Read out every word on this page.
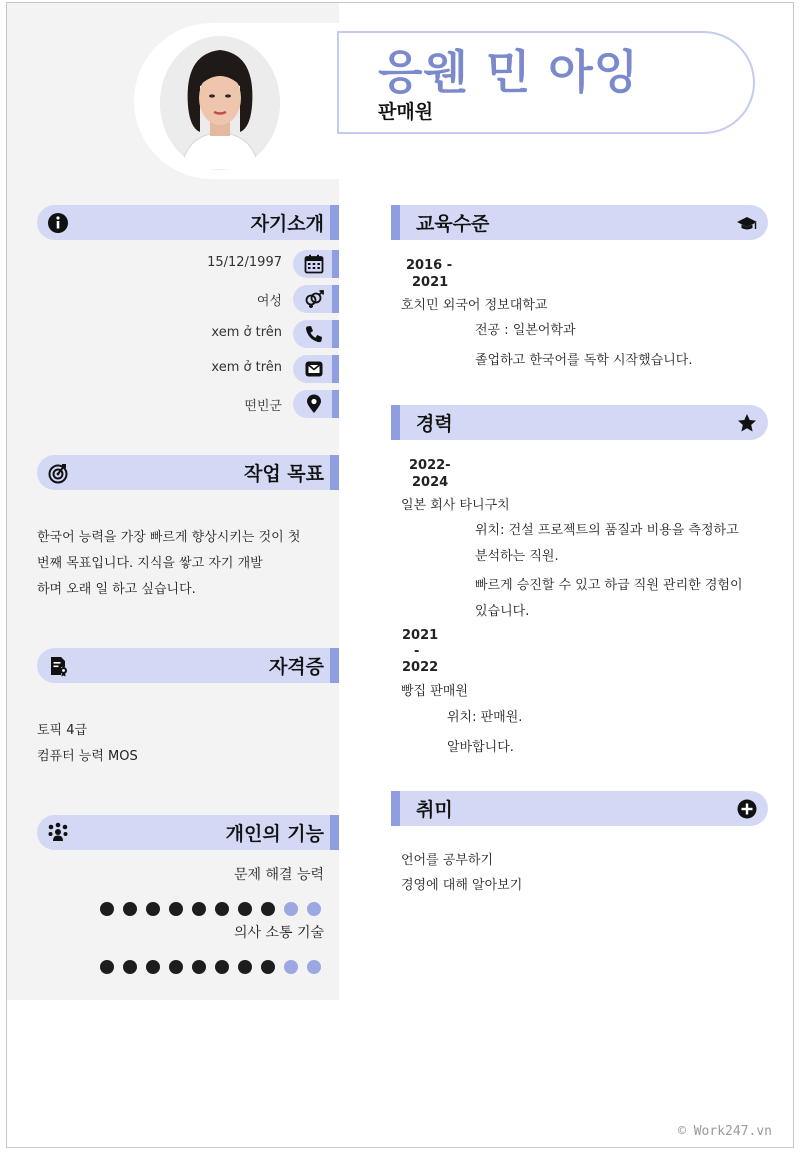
응웬 민 아잉
판매원
자기소개
15/12/1997
여성
xem ở trên
xem ở trên
떤빈군
작업 목표
한국어 능력을 가장 빠르게 향상시키는 것이 첫
번째 목표입니다. 지식을 쌓고 자기 개발
하며 오래 일 하고 싶습니다.
자격증
토픽 4급
컴퓨터 능력 MOS
개인의 기능
문제 해결 능력
의사 소통 기술
교육수준
2016 -
2021
호치민 외국어 정보대학교
전공 : 일본어학과
졸업하고 한국어를 독학 시작했습니다.
경력
2022-
2024
일본 회사 타니구치
위치: 건설 프로젝트의 품질과 비용을 측정하고
분석하는 직원.
빠르게 승진할 수 있고 하급 직원 관리한 경험이
있습니다.
2021
-
2022
빵집 판매원
위치: 판매원.
알바합니다.
취미
언어를 공부하기
경영에 대해 알아보기
© Work247.vn
